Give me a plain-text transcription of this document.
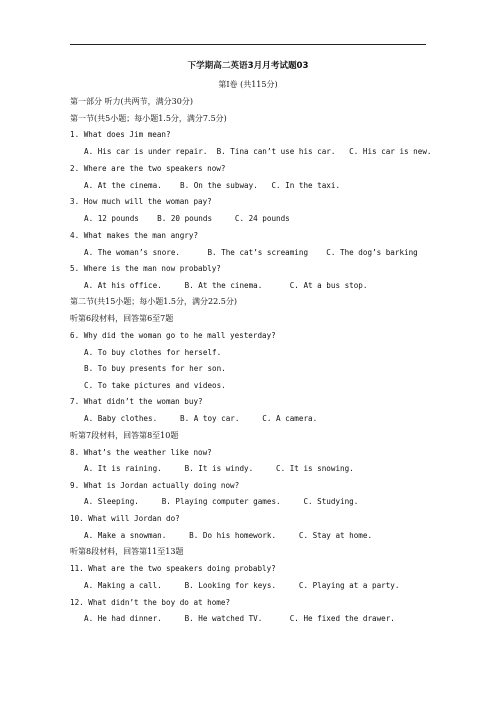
下学期高二英语3月月考试题03
第Ⅰ卷 (共115分)
第一部分 听力(共两节，满分30分)
第一节(共5小题；每小题1.5分，满分7.5分)
1. What does Jim mean?
A. His car is under repair.  B. Tina can’t use his car.   C. His car is new.
2. Where are the two speakers now?
A. At the cinema.    B. On the subway.   C. In the taxi.
3. How much will the woman pay?
A. 12 pounds    B. 20 pounds     C. 24 pounds
4. What makes the man angry?
A. The woman’s snore.      B. The cat’s screaming    C. The dog’s barking
5. Where is the man now probably?
A. At his office.     B. At the cinema.      C. At a bus stop.
第二节(共15小题；每小题1.5分，满分22.5分)
听第6段材料，回答第6至7题
6. Why did the woman go to he mall yesterday?
A. To buy clothes for herself.
B. To buy presents for her son.
C. To take pictures and videos.
7. What didn’t the woman buy?
A. Baby clothes.     B. A toy car.     C. A camera.
听第7段材料，回答第8至10题
8. What’s the weather like now?
A. It is raining.     B. It is windy.     C. It is snowing.
9. What is Jordan actually doing now?
A. Sleeping.     B. Playing computer games.     C. Studying.
10. What will Jordan do?
A. Make a snowman.     B. Do his homework.     C. Stay at home.
听第8段材料，回答第11至13题
11. What are the two speakers doing probably?
A. Making a call.     B. Looking for keys.     C. Playing at a party.
12. What didn’t the boy do at home?
A. He had dinner.     B. He watched TV.      C. He fixed the drawer.
